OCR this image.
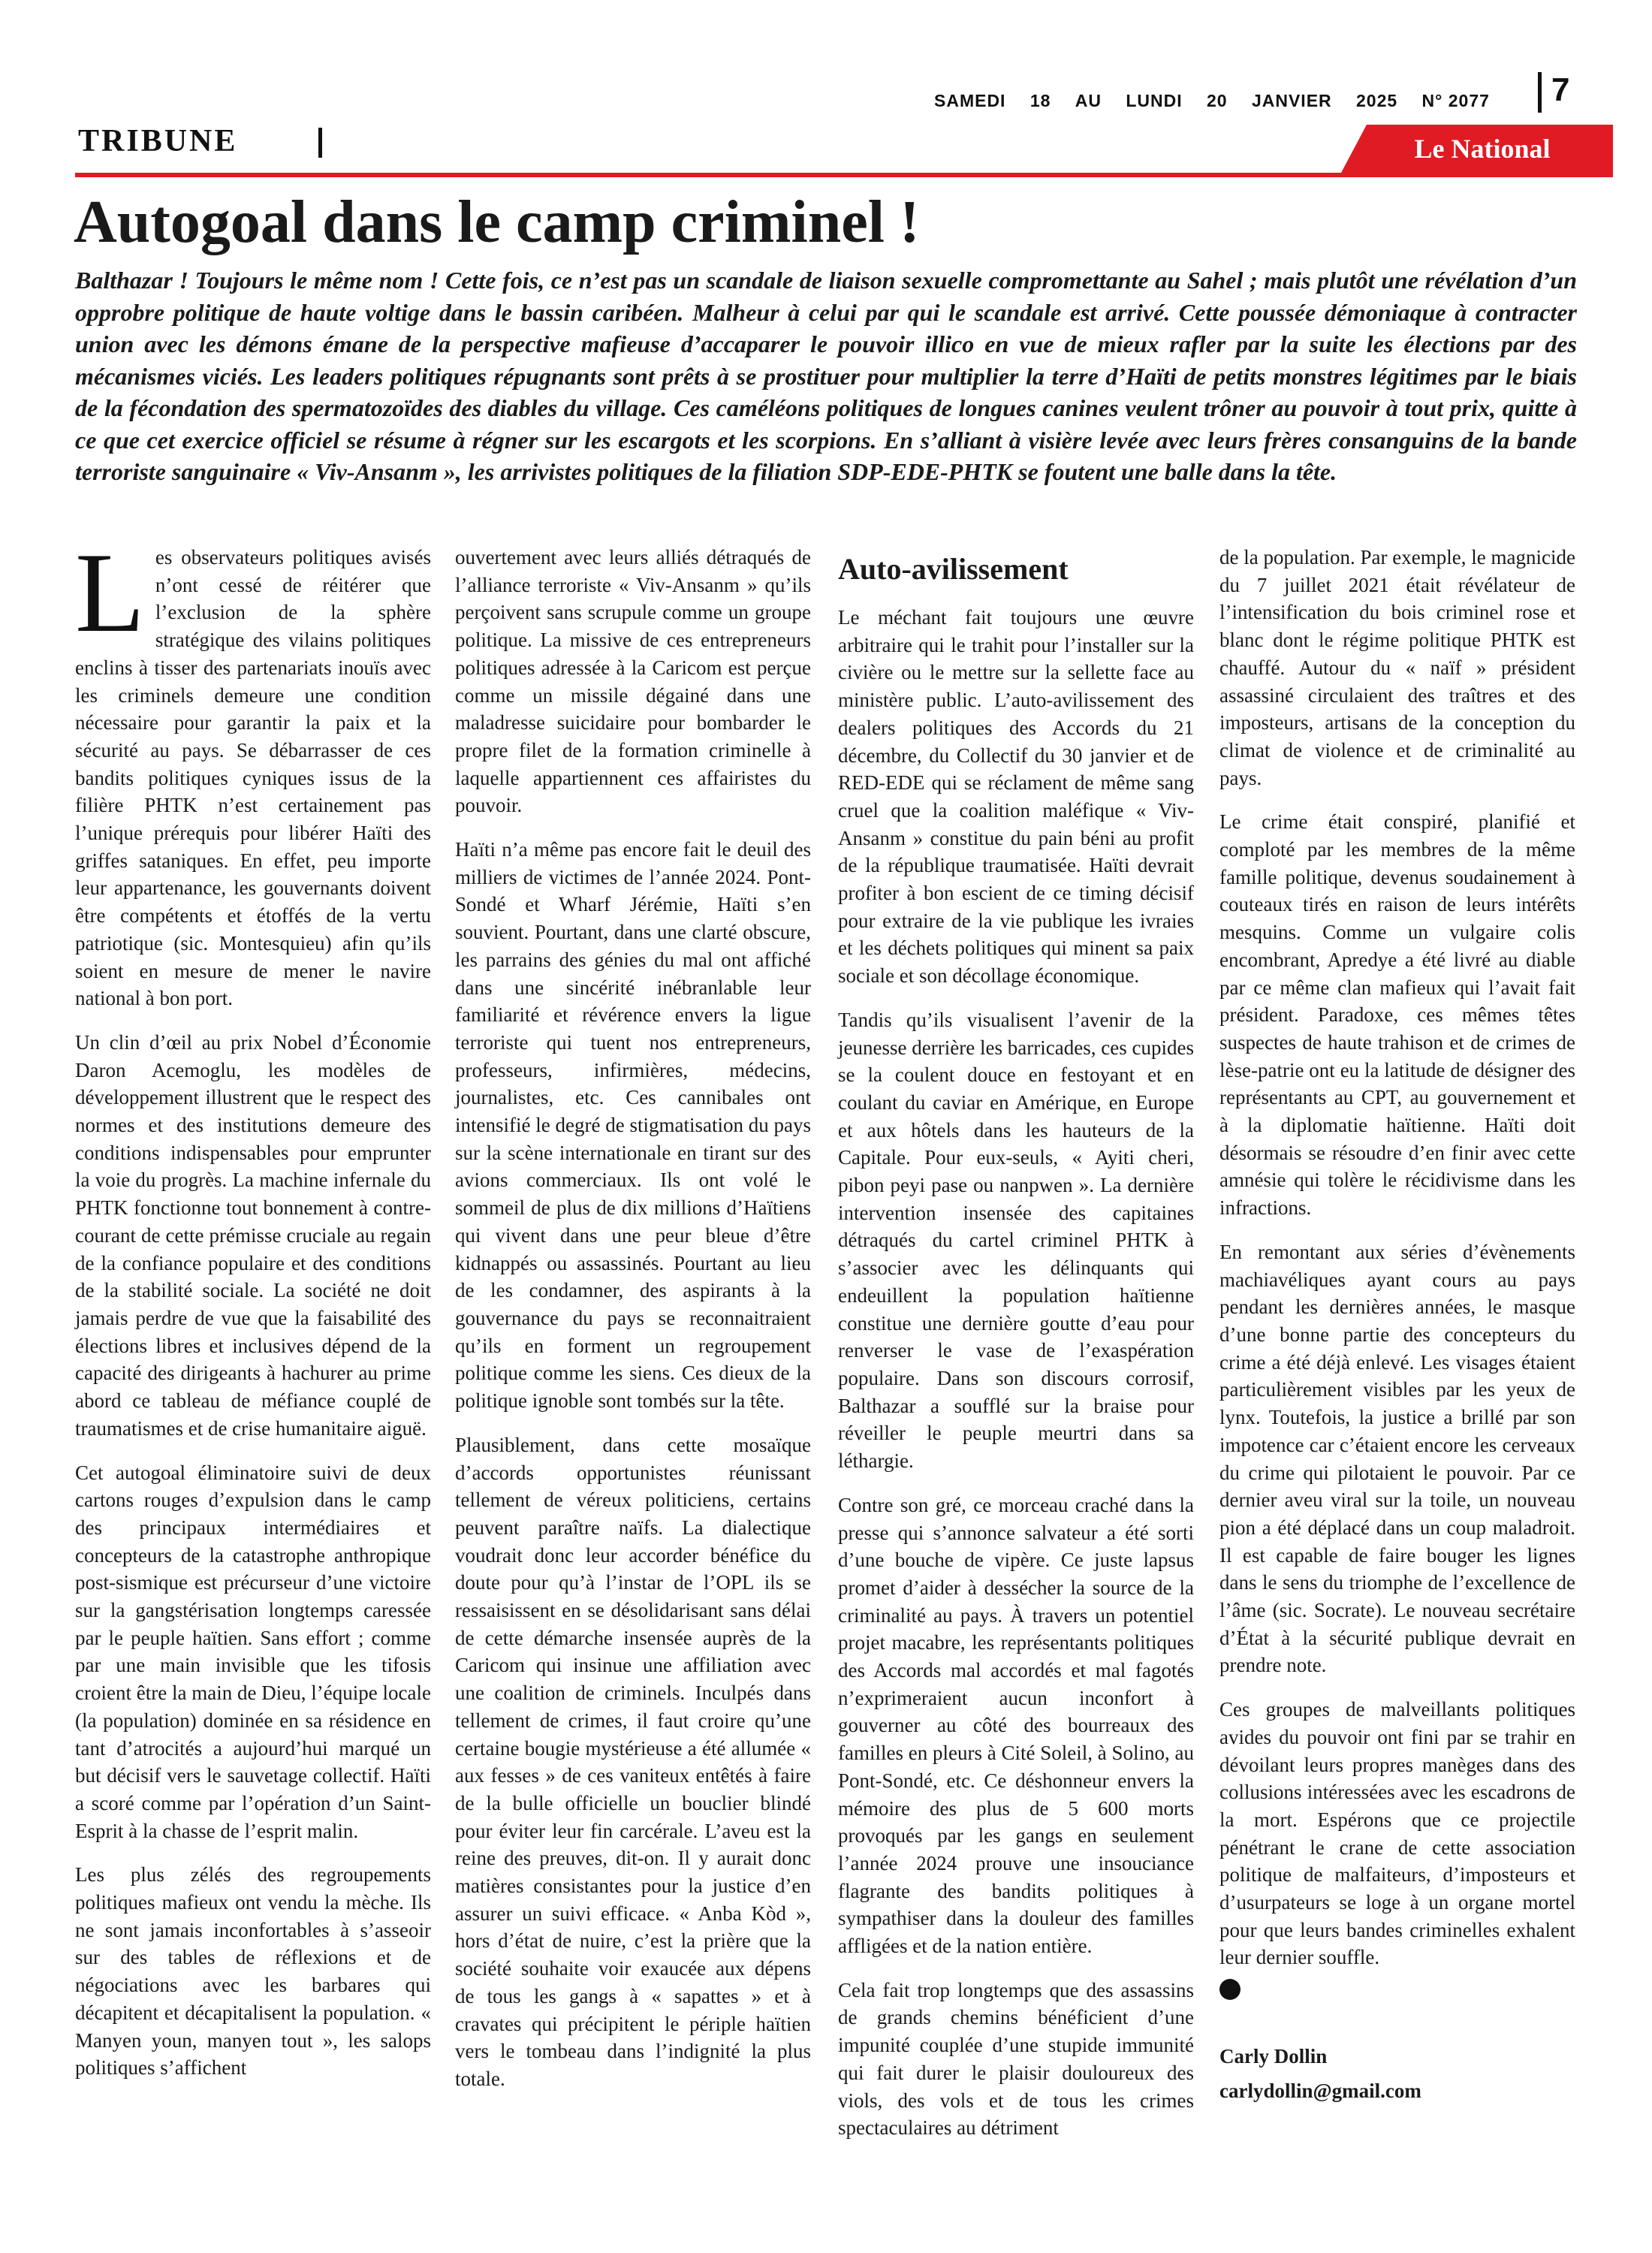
SAMEDI 18 AU LUNDI 20 JANVIER 2025 N° 2077 7
TRIBUNE	Le National
Autogoal dans le camp criminel !

Balthazar ! Toujours le même nom ! Cette fois, ce n’est pas un scandale de liaison sexuelle compromettante au Sahel ; mais plutôt une révélation d’un opprobre politique de haute voltige dans le bassin caribéen. Malheur à celui par qui le scandale est arrivé. Cette poussée démoniaque à contracter union avec les démons émane de la perspective mafieuse d’accaparer le pouvoir illico en vue de mieux rafler par la suite les élections par des mécanismes viciés. Les leaders politiques répugnants sont prêts à se prostituer pour multiplier la terre d’Haïti de petits monstres légitimes par le biais de la fécondation des spermatozoïdes des diables du village. Ces caméléons politiques de longues canines veulent trôner au pouvoir à tout prix, quitte à ce que cet exercice officiel se résume à régner sur les escargots et les scorpions. En s’alliant à visière levée avec leurs frères consanguins de la bande terroriste sanguinaire « Viv-Ansanm », les arrivistes politiques de la filiation SDP-EDE-PHTK se foutent une balle dans la tête.

Les observateurs politiques avisés n’ont cessé de réitérer que l’exclusion de la sphère stratégique des vilains politiques enclins à tisser des partenariats inouïs avec les criminels demeure une condition nécessaire pour garantir la paix et la sécurité au pays. Se débarrasser de ces bandits politiques cyniques issus de la filière PHTK n’est certainement pas l’unique prérequis pour libérer Haïti des griffes sataniques. En effet, peu importe leur appartenance, les gouvernants doivent être compétents et étoffés de la vertu patriotique (sic. Montesquieu) afin qu’ils soient en mesure de mener le navire national à bon port.

Un clin d’œil au prix Nobel d’Économie Daron Acemoglu, les modèles de développement illustrent que le respect des normes et des institutions demeure des conditions indispensables pour emprunter la voie du progrès. La machine infernale du PHTK fonctionne tout bonnement à contre-courant de cette prémisse cruciale au regain de la confiance populaire et des conditions de la stabilité sociale. La société ne doit jamais perdre de vue que la faisabilité des élections libres et inclusives dépend de la capacité des dirigeants à hachurer au prime abord ce tableau de méfiance couplé de traumatismes et de crise humanitaire aiguë.

Cet autogoal éliminatoire suivi de deux cartons rouges d’expulsion dans le camp des principaux intermédiaires et concepteurs de la catastrophe anthropique post-sismique est précurseur d’une victoire sur la gangstérisation longtemps caressée par le peuple haïtien. Sans effort ; comme par une main invisible que les tifosis croient être la main de Dieu, l’équipe locale (la population) dominée en sa résidence en tant d’atrocités a aujourd’hui marqué un but décisif vers le sauvetage collectif. Haïti a scoré comme par l’opération d’un Saint-Esprit à la chasse de l’esprit malin.

Les plus zélés des regroupements politiques mafieux ont vendu la mèche. Ils ne sont jamais inconfortables à s’asseoir sur des tables de réflexions et de négociations avec les barbares qui décapitent et décapitalisent la population. « Manyen youn, manyen tout », les salops politiques s’affichent

ouvertement avec leurs alliés détraqués de l’alliance terroriste « Viv-Ansanm » qu’ils perçoivent sans scrupule comme un groupe politique. La missive de ces entrepreneurs politiques adressée à la Caricom est perçue comme un missile dégainé dans une maladresse suicidaire pour bombarder le propre filet de la formation criminelle à laquelle appartiennent ces affairistes du pouvoir.

Haïti n’a même pas encore fait le deuil des milliers de victimes de l’année 2024. Pont-Sondé et Wharf Jérémie, Haïti s’en souvient. Pourtant, dans une clarté obscure, les parrains des génies du mal ont affiché dans une sincérité inébranlable leur familiarité et révérence envers la ligue terroriste qui tuent nos entrepreneurs, professeurs, infirmières, médecins, journalistes, etc. Ces cannibales ont intensifié le degré de stigmatisation du pays sur la scène internationale en tirant sur des avions commerciaux. Ils ont volé le sommeil de plus de dix millions d’Haïtiens qui vivent dans une peur bleue d’être kidnappés ou assassinés. Pourtant au lieu de les condamner, des aspirants à la gouvernance du pays se reconnaitraient qu’ils en forment un regroupement politique comme les siens. Ces dieux de la politique ignoble sont tombés sur la tête.

Plausiblement, dans cette mosaïque d’accords opportunistes réunissant tellement de véreux politiciens, certains peuvent paraître naïfs. La dialectique voudrait donc leur accorder bénéfice du doute pour qu’à l’instar de l’OPL ils se ressaisissent en se désolidarisant sans délai de cette démarche insensée auprès de la Caricom qui insinue une affiliation avec une coalition de criminels. Inculpés dans tellement de crimes, il faut croire qu’une certaine bougie mystérieuse a été allumée « aux fesses » de ces vaniteux entêtés à faire de la bulle officielle un bouclier blindé pour éviter leur fin carcérale. L’aveu est la reine des preuves, dit-on. Il y aurait donc matières consistantes pour la justice d’en assurer un suivi efficace. « Anba Kòd », hors d’état de nuire, c’est la prière que la société souhaite voir exaucée aux dépens de tous les gangs à « sapattes » et à cravates qui précipitent le périple haïtien vers le tombeau dans l’indignité la plus totale.

Auto-avilissement

Le méchant fait toujours une œuvre arbitraire qui le trahit pour l’installer sur la civière ou le mettre sur la sellette face au ministère public. L’auto-avilissement des dealers politiques des Accords du 21 décembre, du Collectif du 30 janvier et de RED-EDE qui se réclament de même sang cruel que la coalition maléfique « Viv-Ansanm » constitue du pain béni au profit de la république traumatisée. Haïti devrait profiter à bon escient de ce timing décisif pour extraire de la vie publique les ivraies et les déchets politiques qui minent sa paix sociale et son décollage économique.

Tandis qu’ils visualisent l’avenir de la jeunesse derrière les barricades, ces cupides se la coulent douce en festoyant et en coulant du caviar en Amérique, en Europe et aux hôtels dans les hauteurs de la Capitale. Pour eux-seuls, « Ayiti cheri, pibon peyi pase ou nanpwen ». La dernière intervention insensée des capitaines détraqués du cartel criminel PHTK à s’associer avec les délinquants qui endeuillent la population haïtienne constitue une dernière goutte d’eau pour renverser le vase de l’exaspération populaire. Dans son discours corrosif, Balthazar a soufflé sur la braise pour réveiller le peuple meurtri dans sa léthargie.

Contre son gré, ce morceau craché dans la presse qui s’annonce salvateur a été sorti d’une bouche de vipère. Ce juste lapsus promet d’aider à dessécher la source de la criminalité au pays. À travers un potentiel projet macabre, les représentants politiques des Accords mal accordés et mal fagotés n’exprimeraient aucun inconfort à gouverner au côté des bourreaux des familles en pleurs à Cité Soleil, à Solino, au Pont-Sondé, etc. Ce déshonneur envers la mémoire des plus de 5 600 morts provoqués par les gangs en seulement l’année 2024 prouve une insouciance flagrante des bandits politiques à sympathiser dans la douleur des familles affligées et de la nation entière.

Cela fait trop longtemps que des assassins de grands chemins bénéficient d’une impunité couplée d’une stupide immunité qui fait durer le plaisir douloureux des viols, des vols et de tous les crimes spectaculaires au détriment

de la population. Par exemple, le magnicide du 7 juillet 2021 était révélateur de l’intensification du bois criminel rose et blanc dont le régime politique PHTK est chauffé. Autour du « naïf » président assassiné circulaient des traîtres et des imposteurs, artisans de la conception du climat de violence et de criminalité au pays.

Le crime était conspiré, planifié et comploté par les membres de la même famille politique, devenus soudainement à couteaux tirés en raison de leurs intérêts mesquins. Comme un vulgaire colis encombrant, Apredye a été livré au diable par ce même clan mafieux qui l’avait fait président. Paradoxe, ces mêmes têtes suspectes de haute trahison et de crimes de lèse-patrie ont eu la latitude de désigner des représentants au CPT, au gouvernement et à la diplomatie haïtienne. Haïti doit désormais se résoudre d’en finir avec cette amnésie qui tolère le récidivisme dans les infractions.

En remontant aux séries d’évènements machiavéliques ayant cours au pays pendant les dernières années, le masque d’une bonne partie des concepteurs du crime a été déjà enlevé. Les visages étaient particulièrement visibles par les yeux de lynx. Toutefois, la justice a brillé par son impotence car c’étaient encore les cerveaux du crime qui pilotaient le pouvoir. Par ce dernier aveu viral sur la toile, un nouveau pion a été déplacé dans un coup maladroit. Il est capable de faire bouger les lignes dans le sens du triomphe de l’excellence de l’âme (sic. Socrate). Le nouveau secrétaire d’État à la sécurité publique devrait en prendre note.

Ces groupes de malveillants politiques avides du pouvoir ont fini par se trahir en dévoilant leurs propres manèges dans des collusions intéressées avec les escadrons de la mort. Espérons que ce projectile pénétrant le crane de cette association politique de malfaiteurs, d’imposteurs et d’usurpateurs se loge à un organe mortel pour que leurs bandes criminelles exhalent leur dernier souffle.

Carly Dollin
carlydollin@gmail.com
